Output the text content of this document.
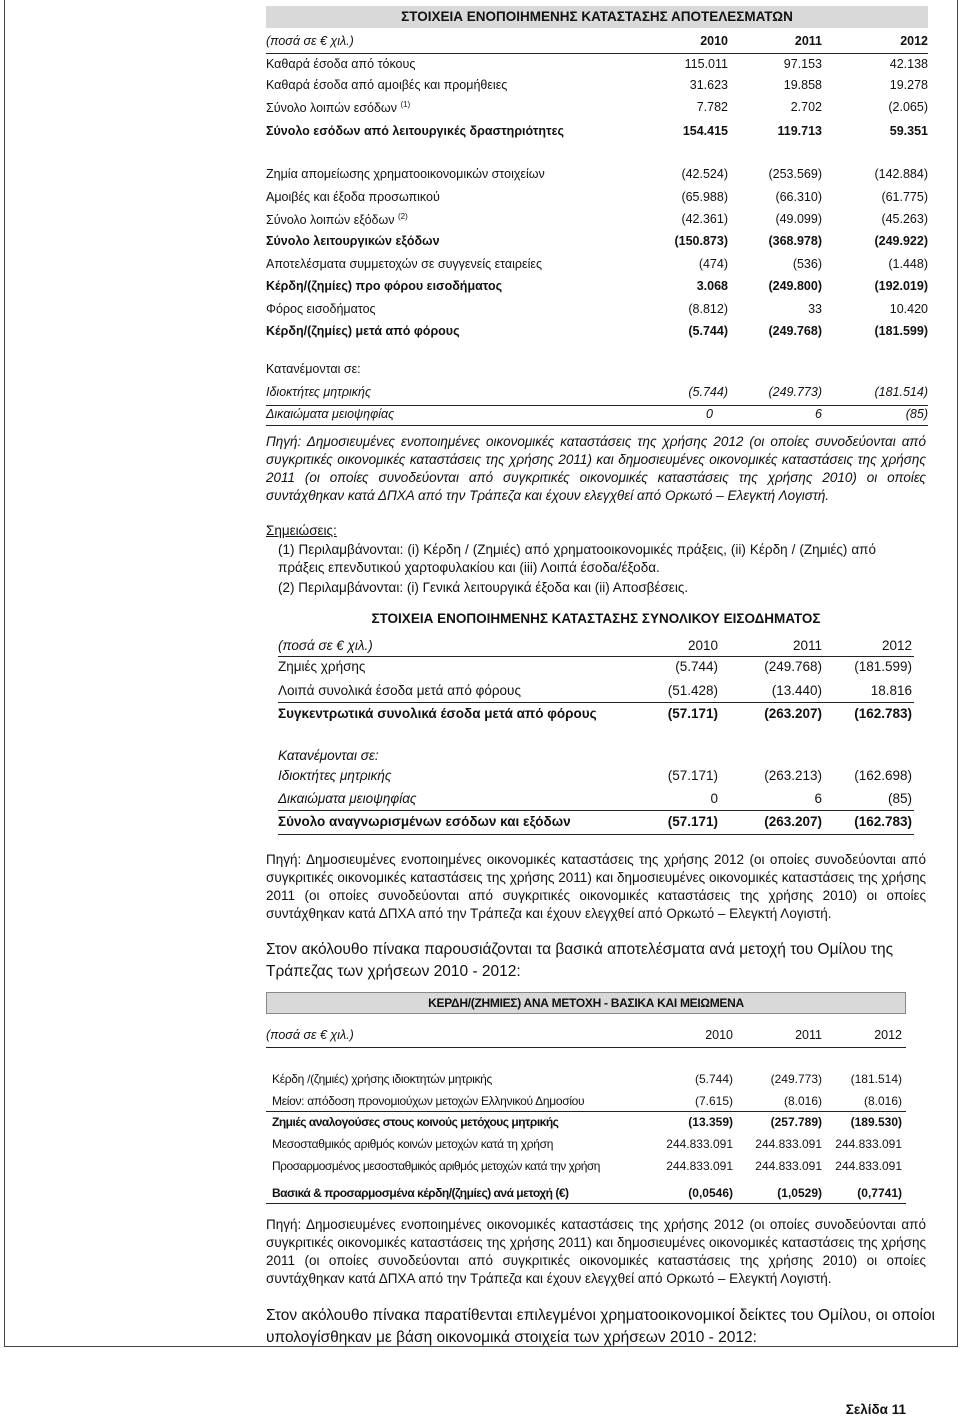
ΣΤΟΙΧΕΙΑ ΕΝΟΠΟΙΗΜΕΝΗΣ ΚΑΤΑΣΤΑΣΗΣ ΑΠΟΤΕΛΕΣΜΑΤΩΝ
(ποσά σε € χιλ.)	2010	2011	2012
Καθαρά έσοδα από τόκους	115.011	97.153	42.138
Καθαρά έσοδα από αμοιβές και προμήθειες	31.623	19.858	19.278
Σύνολο λοιπών εσόδων $^{(1)}$	7.782	2.702	(2.065)
Σύνολο εσόδων από λειτουργικές δραστηριότητες	154.415	119.713	59.351
Ζημία απομείωσης χρηματοοικονομικών στοιχείων	(42.524)	(253.569)	(142.884)
Αμοιβές και έξοδα προσωπικού	(65.988)	(66.310)	(61.775)
Σύνολο λοιπών εξόδων $^{(2)}$	(42.361)	(49.099)	(45.263)
Σύνολο λειτουργικών εξόδων	(150.873)	(368.978)	(249.922)
Αποτελέσματα συμμετοχών σε συγγενείς εταιρείες	(474)	(536)	(1.448)
Κέρδη/(ζημίες) προ φόρου εισοδήματος	3.068	(249.800)	(192.019)
Φόρος εισοδήματος	(8.812)	33	10.420
Κέρδη/(ζημίες) μετά από φόρους	(5.744)	(249.768)	(181.599)
Κατανέμονται σε:
Ιδιοκτήτες μητρικής	(5.744)	(249.773)	(181.514)
Δικαιώματα μειοψηφίας	0	6	(85)
Πηγή: Δημοσιευμένες ενοποιημένες οικονομικές καταστάσεις της χρήσης 2012 (οι οποίες συνοδεύονται από συγκριτικές οικονομικές καταστάσεις της χρήσης 2011) και δημοσιευμένες οικονομικές καταστάσεις της χρήσης 2011 (οι οποίες συνοδεύονται από συγκριτικές οικονομικές καταστάσεις της χρήσης 2010) οι οποίες συντάχθηκαν κατά ΔΠΧΑ από την Τράπεζα και έχουν ελεγχθεί από Ορκωτό – Ελεγκτή Λογιστή.
Σημειώσεις:
(1) Περιλαμβάνονται: (i) Κέρδη / (Ζημιές) από χρηματοοικονομικές πράξεις, (ii) Κέρδη / (Ζημιές) από πράξεις επενδυτικού χαρτοφυλακίου και (iii) Λοιπά έσοδα/έξοδα.
(2) Περιλαμβάνονται: (i) Γενικά λειτουργικά έξοδα και (ii) Αποσβέσεις.
ΣΤΟΙΧΕΙΑ ΕΝΟΠΟΙΗΜΕΝΗΣ ΚΑΤΑΣΤΑΣΗΣ ΣΥΝΟΛΙΚΟΥ ΕΙΣΟΔΗΜΑΤΟΣ
(ποσά σε € χιλ.)	2010	2011	2012
Ζημιές χρήσης	(5.744)	(249.768) (181.599)
Λοιπά συνολικά έσοδα μετά από φόρους	(51.428)	(13.440)	18.816
Συγκεντρωτικά συνολικά έσοδα μετά από φόρους	(57.171)	(263.207) (162.783)
Κατανέμονται σε:
Ιδιοκτήτες μητρικής	(57.171)	(263.213) (162.698)
Δικαιώματα μειοψηφίας	0	6	(85)
Σύνολο αναγνωρισμένων εσόδων και εξόδων	(57.171)	(263.207) (162.783)
Πηγή: Δημοσιευμένες ενοποιημένες οικονομικές καταστάσεις της χρήσης 2012 (οι οποίες συνοδεύονται από συγκριτικές οικονομικές καταστάσεις της χρήσης 2011) και δημοσιευμένες οικονομικές καταστάσεις της χρήσης 2011 (οι οποίες συνοδεύονται από συγκριτικές οικονομικές καταστάσεις της χρήσης 2010) οι οποίες συντάχθηκαν κατά ΔΠΧΑ από την Τράπεζα και έχουν ελεγχθεί από Ορκωτό – Ελεγκτή Λογιστή.
Στον ακόλουθο πίνακα παρουσιάζονται τα βασικά αποτελέσματα ανά μετοχή του Ομίλου της Τράπεζας των χρήσεων 2010 - 2012:
ΚΕΡΔΗ/(ΖΗΜΙΕΣ) ΑΝΑ ΜΕΤΟΧΗ - ΒΑΣΙΚΑ ΚΑΙ ΜΕΙΩΜΕΝΑ
(ποσά σε € χιλ.)	2010	2011	2012
Κέρδη /(ζημιές) χρήσης ιδιοκτητών μητρικής	(5.744)	(249.773) (181.514)
Μείον: απόδοση προνομιούχων μετοχών Ελληνικού Δημοσίου	(7.615)	(8.016)	(8.016)
Ζημιές αναλογούσες στους κοινούς μετόχους μητρικής	(13.359)	(257.789) (189.530)
Μεσοσταθμικός αριθμός κοινών μετοχών κατά τη χρήση	244.833.091 244.833.091 244.833.091
Προσαρμοσμένος μεσοσταθμικός αριθμός μετοχών κατά την χρήση	244.833.091 244.833.091 244.833.091
Βασικά & προσαρμοσμένα κέρδη/(ζημίες) ανά μετοχή (€)	(0,0546)	(1,0529)	(0,7741)
Πηγή: Δημοσιευμένες ενοποιημένες οικονομικές καταστάσεις της χρήσης 2012 (οι οποίες συνοδεύονται από συγκριτικές οικονομικές καταστάσεις της χρήσης 2011) και δημοσιευμένες οικονομικές καταστάσεις της χρήσης 2011 (οι οποίες συνοδεύονται από συγκριτικές οικονομικές καταστάσεις της χρήσης 2010) οι οποίες συντάχθηκαν κατά ΔΠΧΑ από την Τράπεζα και έχουν ελεγχθεί από Ορκωτό – Ελεγκτή Λογιστή.
Στον ακόλουθο πίνακα παρατίθενται επιλεγμένοι χρηματοοικονομικοί δείκτες του Ομίλου, οι οποίοι υπολογίσθηκαν με βάση οικονομικά στοιχεία των χρήσεων 2010 - 2012:
Σελίδα 11
